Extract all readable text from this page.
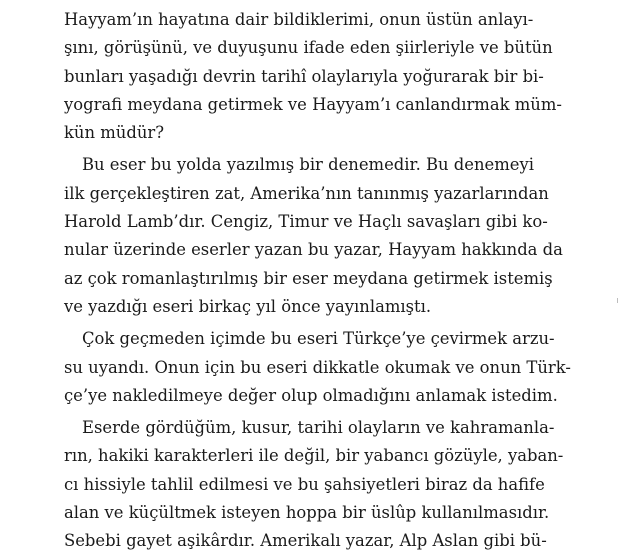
Hayyam’ın hayatına dair bildiklerimi, onun üstün anlayı-
şını, görüşünü, ve duyuşunu ifade eden şiirleriyle ve bütün
bunları yaşadığı devrin tarihî olaylarıyla yoğurarak bir bi-
yografi meydana getirmek ve Hayyam’ı canlandırmak müm-
kün müdür?
Bu eser bu yolda yazılmış bir denemedir. Bu denemeyi
ilk gerçekleştiren zat, Amerika’nın tanınmış yazarlarından
Harold Lamb’dır. Cengiz, Timur ve Haçlı savaşları gibi ko-
nular üzerinde eserler yazan bu yazar, Hayyam hakkında da
az çok romanlaştırılmış bir eser meydana getirmek istemiş
ve yazdığı eseri birkaç yıl önce yayınlamıştı.
Çok geçmeden içimde bu eseri Türkçe’ye çevirmek arzu-
su uyandı. Onun için bu eseri dikkatle okumak ve onun Türk-
çe’ye nakledilmeye değer olup olmadığını anlamak istedim.
Eserde gördüğüm, kusur, tarihi olayların ve kahramanla-
rın, hakiki karakterleri ile değil, bir yabancı gözüyle, yaban-
cı hissiyle tahlil edilmesi ve bu şahsiyetleri biraz da hafife
alan ve küçültmek isteyen hoppa bir üslûp kullanılmasıdır.
Sebebi gayet aşikârdır. Amerikalı yazar, Alp Aslan gibi bü-
